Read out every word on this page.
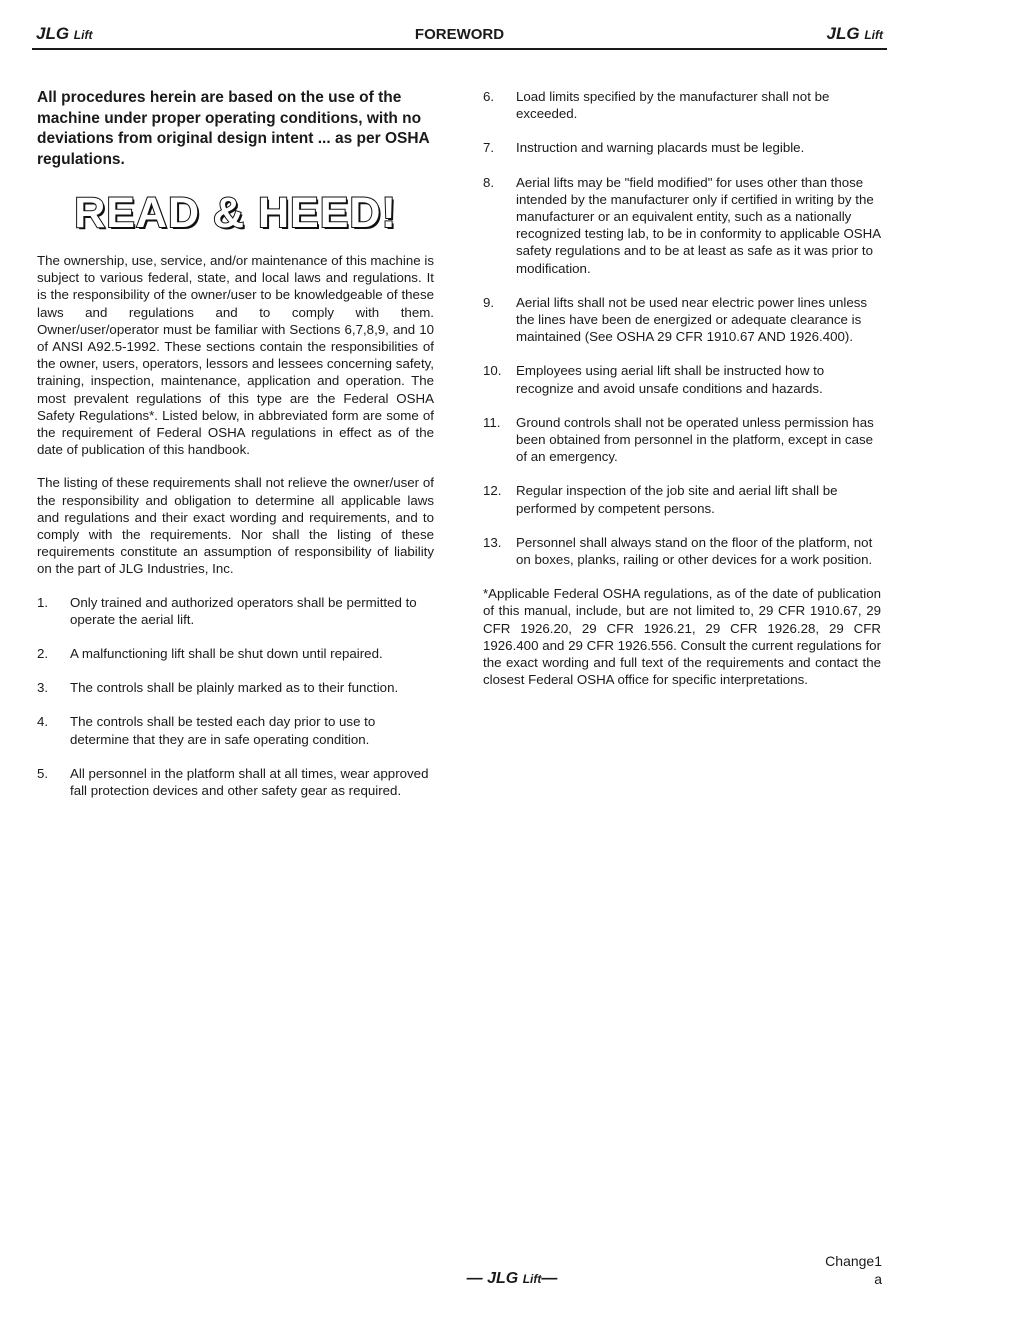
JLG Lift	FOREWORD	JLG Lift

All procedures herein are based on the use of the machine under proper operating conditions, with no deviations from original design intent ... as per OSHA regulations.

READ & HEED!

The ownership, use, service, and/or maintenance of this machine is subject to various federal, state, and local laws and regulations. It is the responsibility of the owner/user to be knowledgeable of these laws and regulations and to comply with them. Owner/user/operator must be familiar with Sections 6,7,8,9, and 10 of ANSI A92.5-1992. These sections contain the responsibilities of the owner, users, operators, lessors and lessees concerning safety, training, inspection, maintenance, application and operation. The most prevalent regulations of this type are the Federal OSHA Safety Regulations*. Listed below, in abbreviated form are some of the requirement of Federal OSHA regulations in effect as of the date of publication of this handbook.

The listing of these requirements shall not relieve the owner/user of the responsibility and obligation to determine all applicable laws and regulations and their exact wording and requirements, and to comply with the requirements. Nor shall the listing of these requirements constitute an assumption of responsibility of liability on the part of JLG Industries, Inc.

1. Only trained and authorized operators shall be permitted to operate the aerial lift.
2. A malfunctioning lift shall be shut down until repaired.
3. The controls shall be plainly marked as to their function.
4. The controls shall be tested each day prior to use to determine that they are in safe operating condition.
5. All personnel in the platform shall at all times, wear approved fall protection devices and other safety gear as required.
6. Load limits specified by the manufacturer shall not be exceeded.
7. Instruction and warning placards must be legible.
8. Aerial lifts may be "field modified" for uses other than those intended by the manufacturer only if certified in writing by the manufacturer or an equivalent entity, such as a nationally recognized testing lab, to be in conformity to applicable OSHA safety regulations and to be at least as safe as it was prior to modification.
9. Aerial lifts shall not be used near electric power lines unless the lines have been de energized or adequate clearance is maintained (See OSHA 29 CFR 1910.67 AND 1926.400).
10. Employees using aerial lift shall be instructed how to recognize and avoid unsafe conditions and hazards.
11. Ground controls shall not be operated unless permission has been obtained from personnel in the platform, except in case of an emergency.
12. Regular inspection of the job site and aerial lift shall be performed by competent persons.
13. Personnel shall always stand on the floor of the platform, not on boxes, planks, railing or other devices for a work position.

*Applicable Federal OSHA regulations, as of the date of publication of this manual, include, but are not limited to, 29 CFR 1910.67, 29 CFR 1926.20, 29 CFR 1926.21, 29 CFR 1926.28, 29 CFR 1926.400 and 29 CFR 1926.556. Consult the current regulations for the exact wording and full text of the requirements and contact the closest Federal OSHA office for specific interpretations.

— JLG Lift—
Change1
a
